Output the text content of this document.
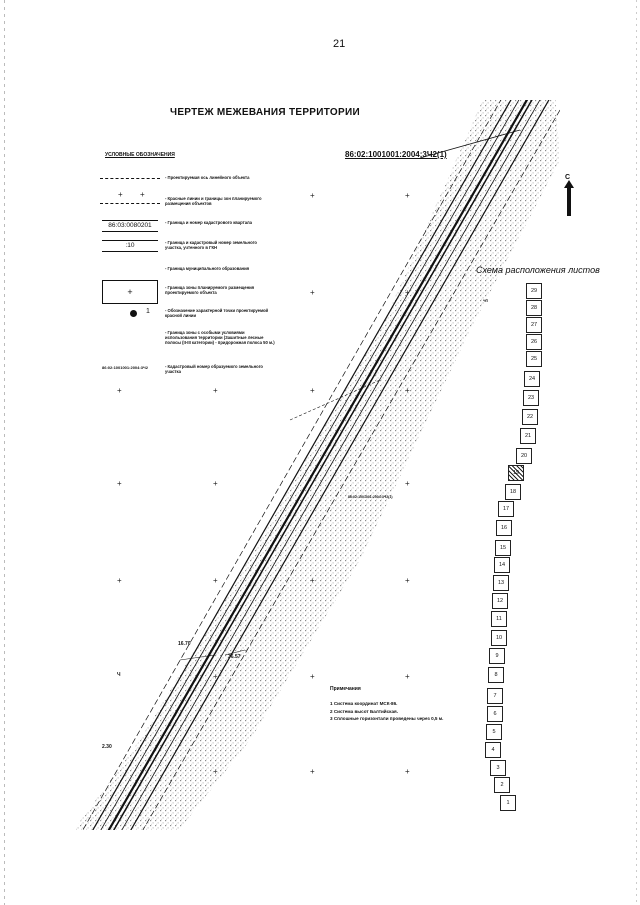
21
ЧЕРТЕЖ МЕЖЕВАНИЯ ТЕРРИТОРИИ
86:02:1001001:2004:3Ч2(1)
С
УСЛОВНЫЕ ОБОЗНАЧЕНИЯ
- Проектируемая ось линейного объекта
+ +	- Красные линии и границы зон планируемого размещения объектов
86:03:0080201	- Граница и номер кадастрового квартала
:10	- Граница и кадастровый номер земельного участка, учтенного в ГКН
- Граница муниципального образования
+	- Граница зоны планируемого размещения проектируемого объекта
1	- Обозначение характерной точки проектируемой красной линии
- Граница зоны с особыми условиями использования территории (Зашитные лесные полосы (II-III категории) - придорожная полоса 50 м.)
86:02:1001001:2004:3Ч2	- Кадастровый номер образуемого земельного участка
+	+	+
+	+
+
+	+	+
+	+	+
+	+
+	+
16.70
36.57
2.30
Ч
86:02:1001001:2004:3Ч2(1)
Схема расположения листов
ЧП
29
28
27
26
25
24
23
22
21
20
19
18
17
16
15
14
13
12
11
10
9
8
7
6
5
4
3
2
1
Примечания
1 Система координат МСК-86.
2 Система высот Балтийская.
3 Сплошные горизонтали проведены через 0,5 м.
